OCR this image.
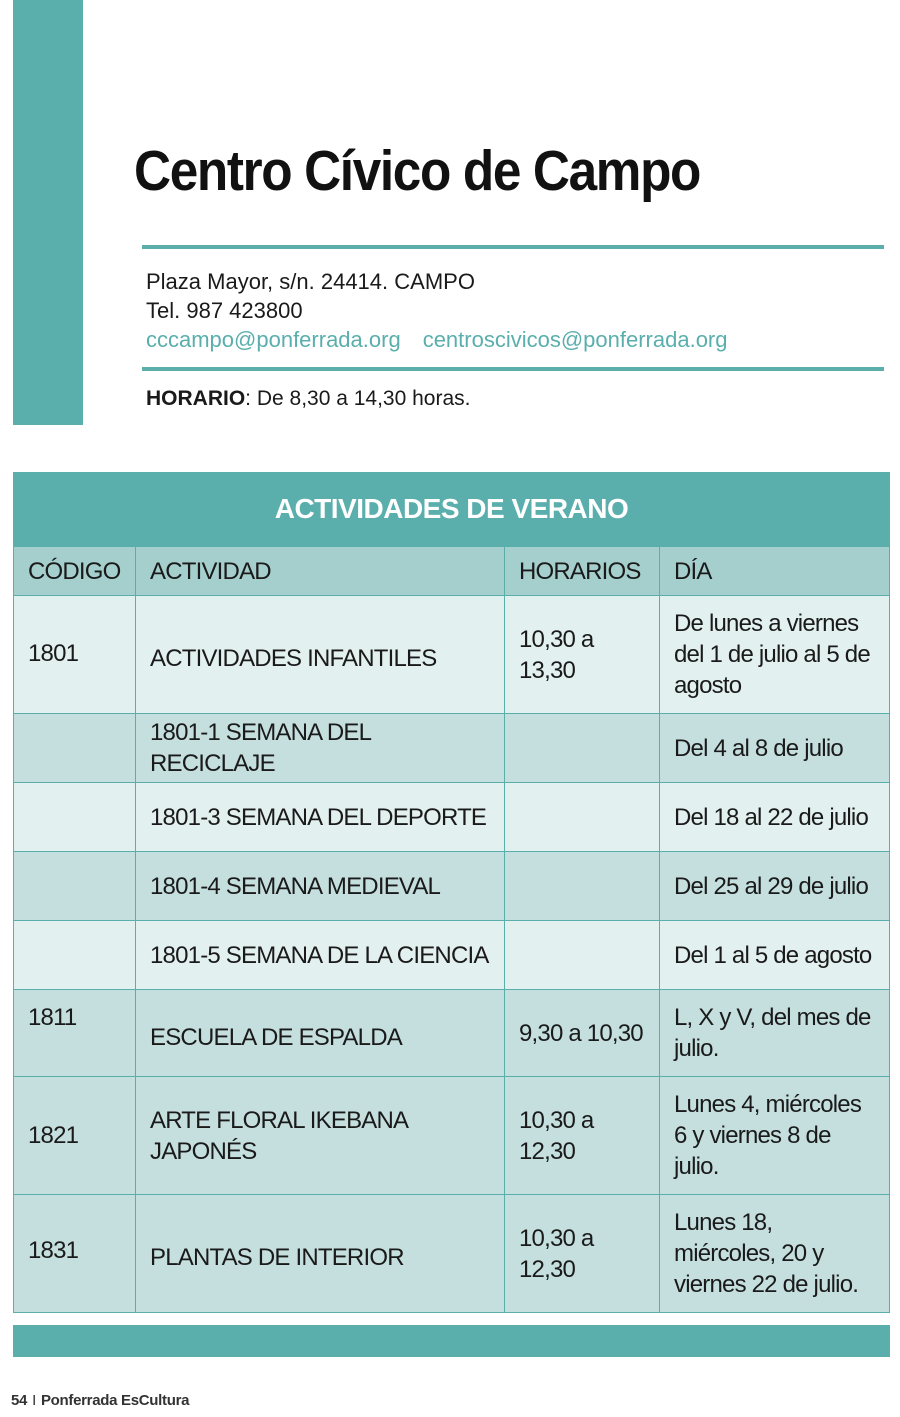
Centro Cívico de Campo
Plaza Mayor, s/n. 24414. CAMPO
Tel. 987 423800
cccampo@ponferrada.org centroscivicos@ponferrada.org
HORARIO: De 8,30 a 14,30 horas.
ACTIVIDADES DE VERANO
CÓDIGO	ACTIVIDAD	HORARIOS	DÍA

1801	ACTIVIDADES INFANTILES	10,30 a 13,30	De lunes a viernes del 1 de julio al 5 de agosto
	1801-1 SEMANA DEL RECICLAJE		Del 4 al 8 de julio
	1801-3 SEMANA DEL DEPORTE		Del 18 al 22 de julio
	1801-4 SEMANA MEDIEVAL		Del 25 al 29 de julio
	1801-5 SEMANA DE LA CIENCIA		Del 1 al 5 de agosto

1811	ESCUELA DE ESPALDA	9,30 a 10,30	L, X y V, del mes de julio.
1821	ARTE FLORAL IKEBANA JAPONÉS	10,30 a 12,30	Lunes 4, miércoles 6 y viernes 8 de julio.

1831	PLANTAS DE INTERIOR	10,30 a 12,30	Lunes 18, miércoles, 20 y viernes 22 de julio.
54 I Ponferrada EsCultura
